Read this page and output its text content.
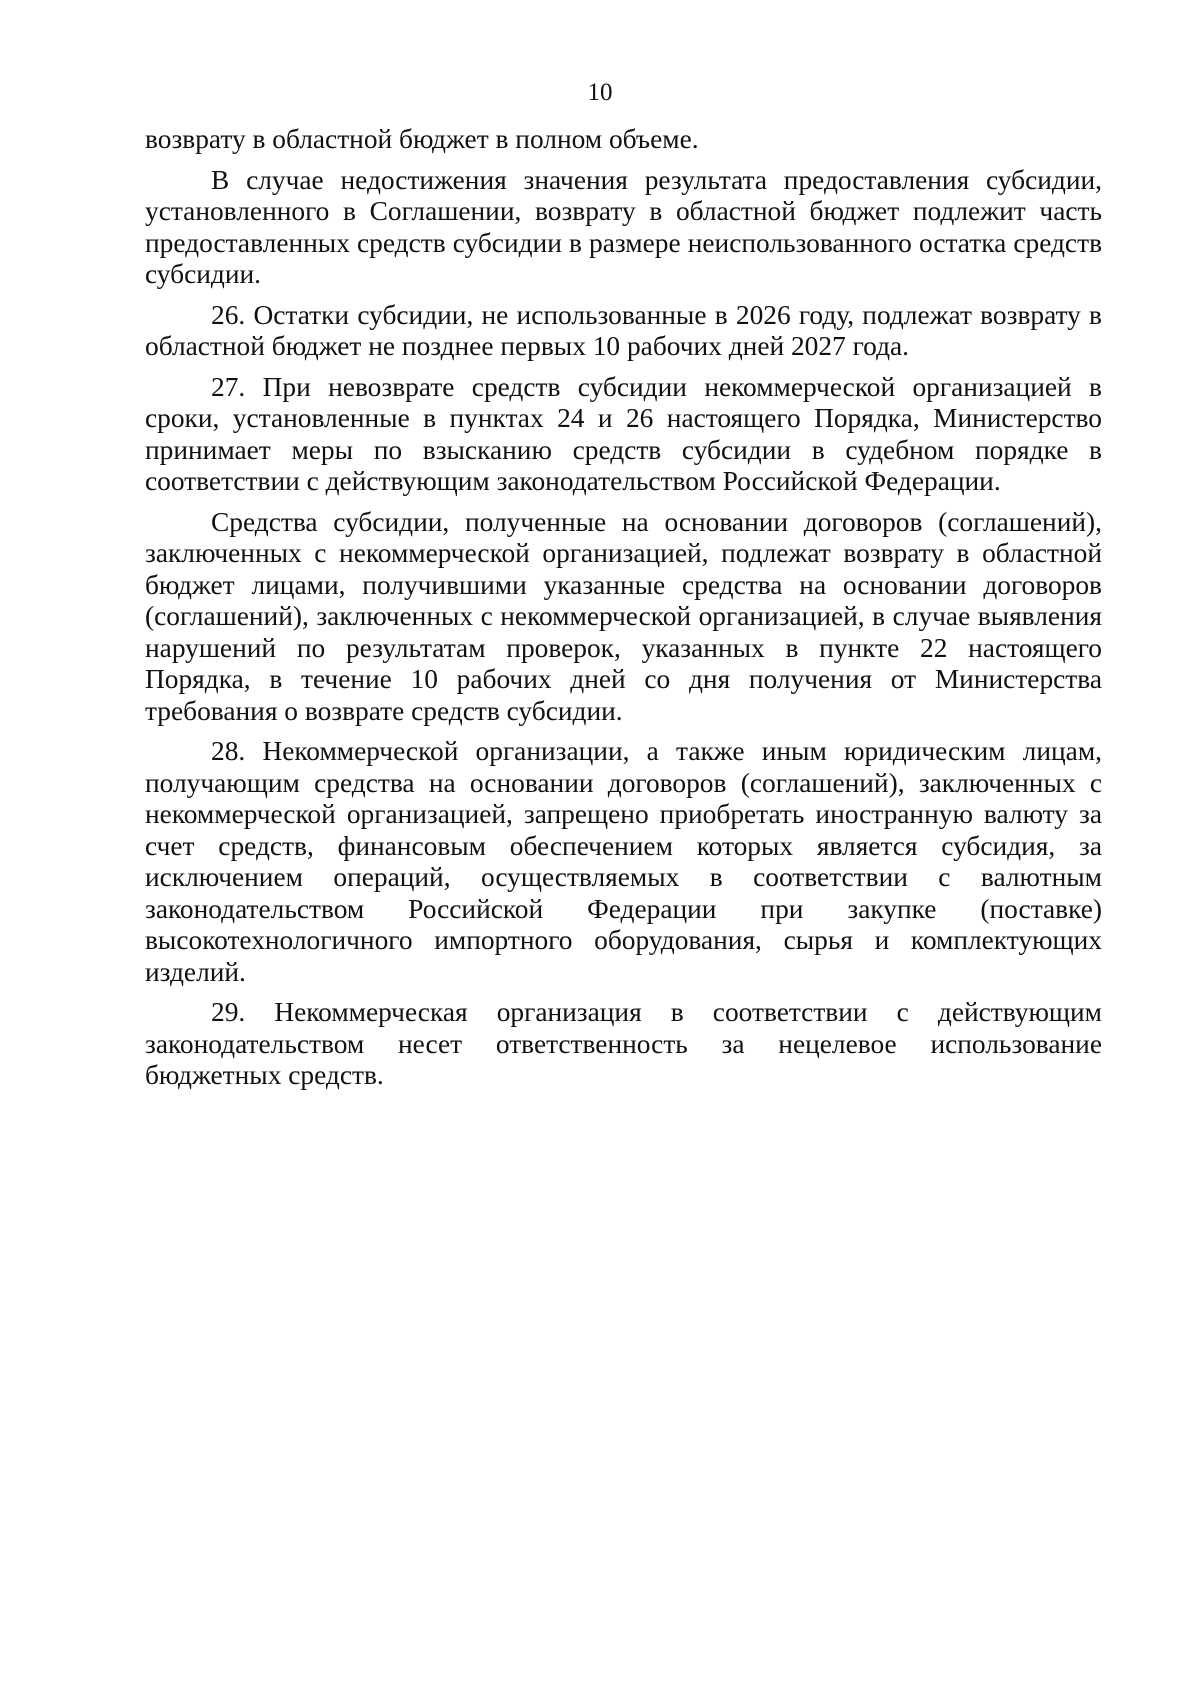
10

возврату в областной бюджет в полном объеме.

В случае недостижения значения результата предоставления субсидии, установленного в Соглашении, возврату в областной бюджет подлежит часть предоставленных средств субсидии в размере неиспользованного остатка средств субсидии.

26. Остатки субсидии, не использованные в 2026 году, подлежат возврату в областной бюджет не позднее первых 10 рабочих дней 2027 года.

27. При невозврате средств субсидии некоммерческой организацией в сроки, установленные в пунктах 24 и 26 настоящего Порядка, Министерство принимает меры по взысканию средств субсидии в судебном порядке в соответствии с действующим законодательством Российской Федерации.

Средства субсидии, полученные на основании договоров (соглашений), заключенных с некоммерческой организацией, подлежат возврату в областной бюджет лицами, получившими указанные средства на основании договоров (соглашений), заключенных с некоммерческой организацией, в случае выявления нарушений по результатам проверок, указанных в пункте 22 настоящего Порядка, в течение 10 рабочих дней со дня получения от Министерства требования о возврате средств субсидии.

28. Некоммерческой организации, а также иным юридическим лицам, получающим средства на основании договоров (соглашений), заключенных с некоммерческой организацией, запрещено приобретать иностранную валюту за счет средств, финансовым обеспечением которых является субсидия, за исключением операций, осуществляемых в соответствии с валютным законодательством Российской Федерации при закупке (поставке) высокотехнологичного импортного оборудования, сырья и комплектующих изделий.

29. Некоммерческая организация в соответствии с действующим законодательством несет ответственность за нецелевое использование бюджетных средств.
